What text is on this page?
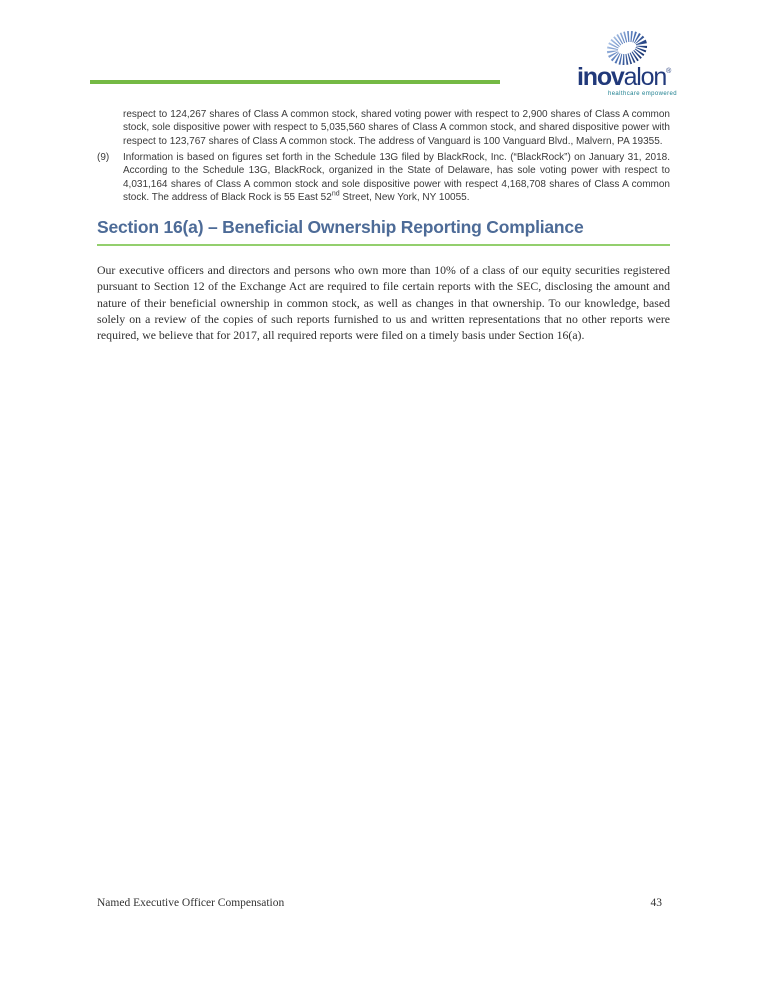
inovalon®
healthcare empowered
respect to 124,267 shares of Class A common stock, shared voting power with respect to 2,900 shares of Class A common stock, sole dispositive power with respect to 5,035,560 shares of Class A common stock, and shared dispositive power with respect to 123,767 shares of Class A common stock. The address of Vanguard is 100 Vanguard Blvd., Malvern, PA 19355.
(9) Information is based on figures set forth in the Schedule 13G filed by BlackRock, Inc. (“BlackRock”) on January 31, 2018. According to the Schedule 13G, BlackRock, organized in the State of Delaware, has sole voting power with respect to 4,031,164 shares of Class A common stock and sole dispositive power with respect 4,168,708 shares of Class A common stock. The address of Black Rock is 55 East 52nd Street, New York, NY 10055.
Section 16(a) – Beneficial Ownership Reporting Compliance

Our executive officers and directors and persons who own more than 10% of a class of our equity securities registered pursuant to Section 12 of the Exchange Act are required to file certain reports with the SEC, disclosing the amount and nature of their beneficial ownership in common stock, as well as changes in that ownership. To our knowledge, based solely on a review of the copies of such reports furnished to us and written representations that no other reports were required, we believe that for 2017, all required reports were filed on a timely basis under Section 16(a).

Named Executive Officer Compensation	43
